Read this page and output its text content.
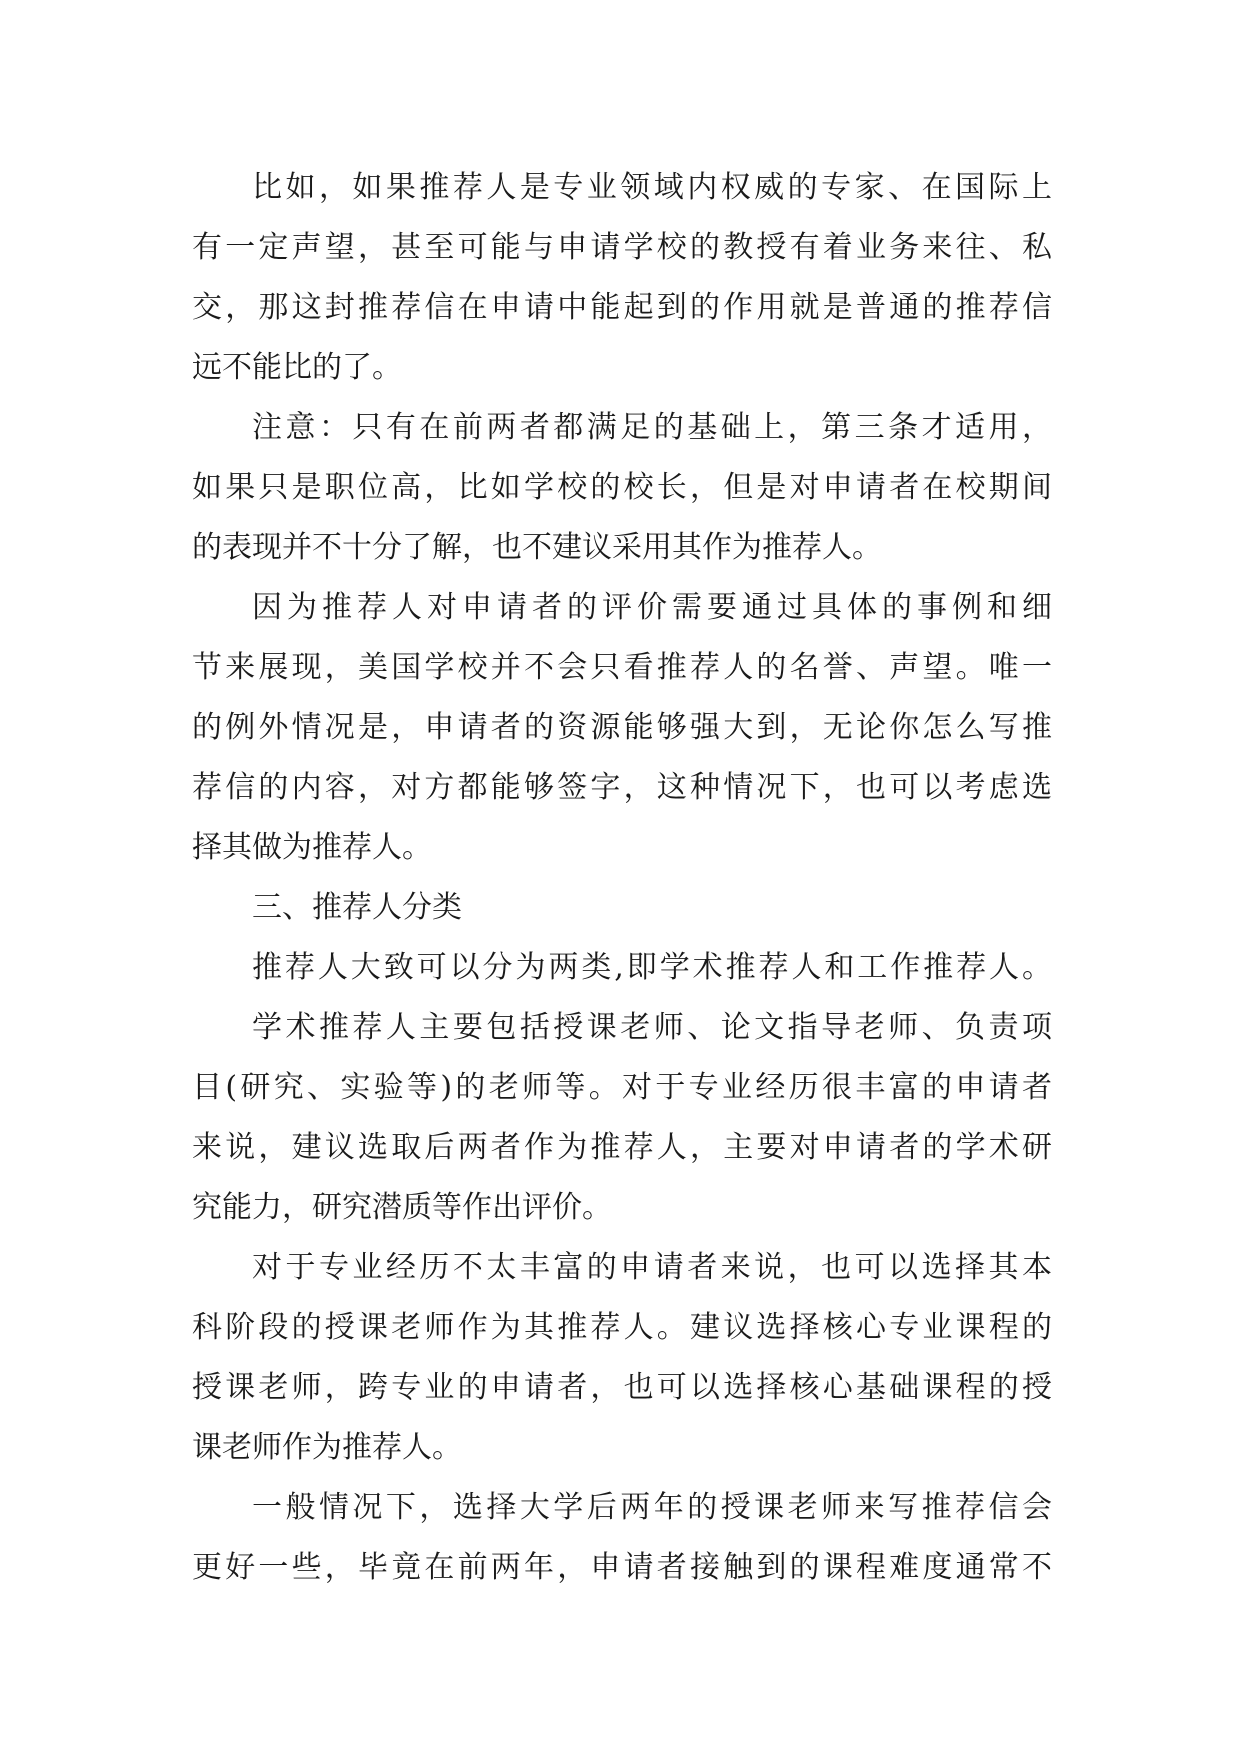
比如，如果推荐人是专业领域内权威的专家、在国际上
有一定声望，甚至可能与申请学校的教授有着业务来往、私
交，那这封推荐信在申请中能起到的作用就是普通的推荐信
远不能比的了。
注意：只有在前两者都满足的基础上，第三条才适用，
如果只是职位高，比如学校的校长，但是对申请者在校期间
的表现并不十分了解，也不建议采用其作为推荐人。
因为推荐人对申请者的评价需要通过具体的事例和细
节来展现，美国学校并不会只看推荐人的名誉、声望。唯一
的例外情况是，申请者的资源能够强大到，无论你怎么写推
荐信的内容，对方都能够签字，这种情况下，也可以考虑选
择其做为推荐人。
三、推荐人分类
推荐人大致可以分为两类,即学术推荐人和工作推荐人。
学术推荐人主要包括授课老师、论文指导老师、负责项
目(研究、实验等)的老师等。对于专业经历很丰富的申请者
来说，建议选取后两者作为推荐人，主要对申请者的学术研
究能力，研究潜质等作出评价。
对于专业经历不太丰富的申请者来说，也可以选择其本
科阶段的授课老师作为其推荐人。建议选择核心专业课程的
授课老师，跨专业的申请者，也可以选择核心基础课程的授
课老师作为推荐人。
一般情况下，选择大学后两年的授课老师来写推荐信会
更好一些，毕竟在前两年，申请者接触到的课程难度通常不
